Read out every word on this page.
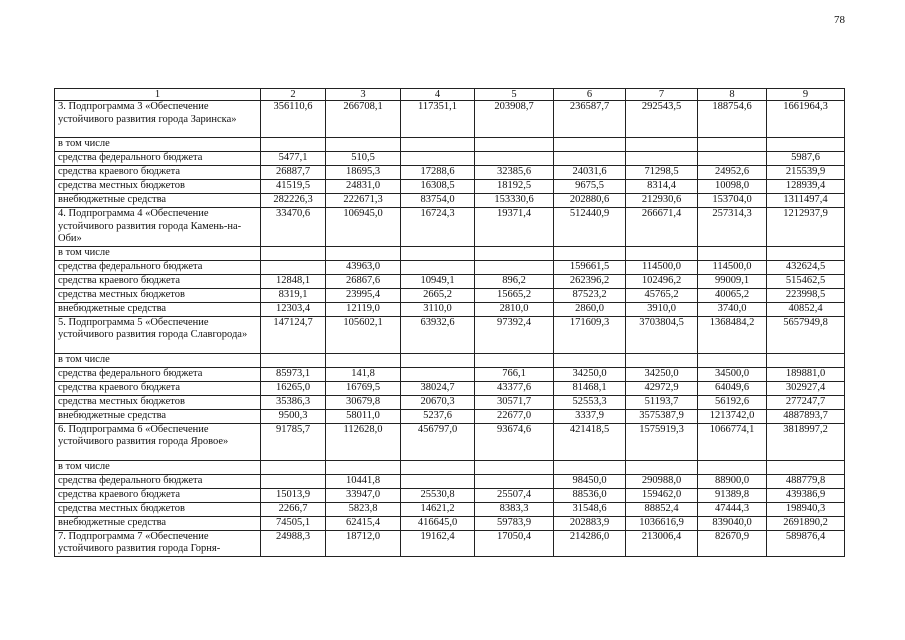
78
1	2	3	4	5	6	7	8	9
3. Подпрограмма 3 «Обеспечение устойчивого развития города Заринска»	356110,6	266708,1	117351,1	203908,7	236587,7	292543,5	188754,6	1661964,3
в том числе								
средства федерального бюджета	5477,1	510,5						5987,6
средства краевого бюджета	26887,7	18695,3	17288,6	32385,6	24031,6	71298,5	24952,6	215539,9
средства местных бюджетов	41519,5	24831,0	16308,5	18192,5	9675,5	8314,4	10098,0	128939,4
внебюджетные средства	282226,3	222671,3	83754,0	153330,6	202880,6	212930,6	153704,0	1311497,4
4. Подпрограмма 4 «Обеспечение устойчивого развития города Камень-на-Оби»	33470,6	106945,0	16724,3	19371,4	512440,9	266671,4	257314,3	1212937,9
в том числе								
средства федерального бюджета		43963,0			159661,5	114500,0	114500,0	432624,5
средства краевого бюджета	12848,1	26867,6	10949,1	896,2	262396,2	102496,2	99009,1	515462,5
средства местных бюджетов	8319,1	23995,4	2665,2	15665,2	87523,2	45765,2	40065,2	223998,5
внебюджетные средства	12303,4	12119,0	3110,0	2810,0	2860,0	3910,0	3740,0	40852,4
5. Подпрограмма 5 «Обеспечение устойчивого развития города Славгорода»	147124,7	105602,1	63932,6	97392,4	171609,3	3703804,5	1368484,2	5657949,8
в том числе								
средства федерального бюджета	85973,1	141,8		766,1	34250,0	34250,0	34500,0	189881,0
средства краевого бюджета	16265,0	16769,5	38024,7	43377,6	81468,1	42972,9	64049,6	302927,4
средства местных бюджетов	35386,3	30679,8	20670,3	30571,7	52553,3	51193,7	56192,6	277247,7
внебюджетные средства	9500,3	58011,0	5237,6	22677,0	3337,9	3575387,9	1213742,0	4887893,7
6. Подпрограмма 6 «Обеспечение устойчивого развития города Яровое»	91785,7	112628,0	456797,0	93674,6	421418,5	1575919,3	1066774,1	3818997,2
в том числе								
средства федерального бюджета		10441,8			98450,0	290988,0	88900,0	488779,8
средства краевого бюджета	15013,9	33947,0	25530,8	25507,4	88536,0	159462,0	91389,8	439386,9
средства местных бюджетов	2266,7	5823,8	14621,2	8383,3	31548,6	88852,4	47444,3	198940,3
внебюджетные средства	74505,1	62415,4	416645,0	59783,9	202883,9	1036616,9	839040,0	2691890,2
7. Подпрограмма 7 «Обеспечение устойчивого развития города Горня-	24988,3	18712,0	19162,4	17050,4	214286,0	213006,4	82670,9	589876,4
